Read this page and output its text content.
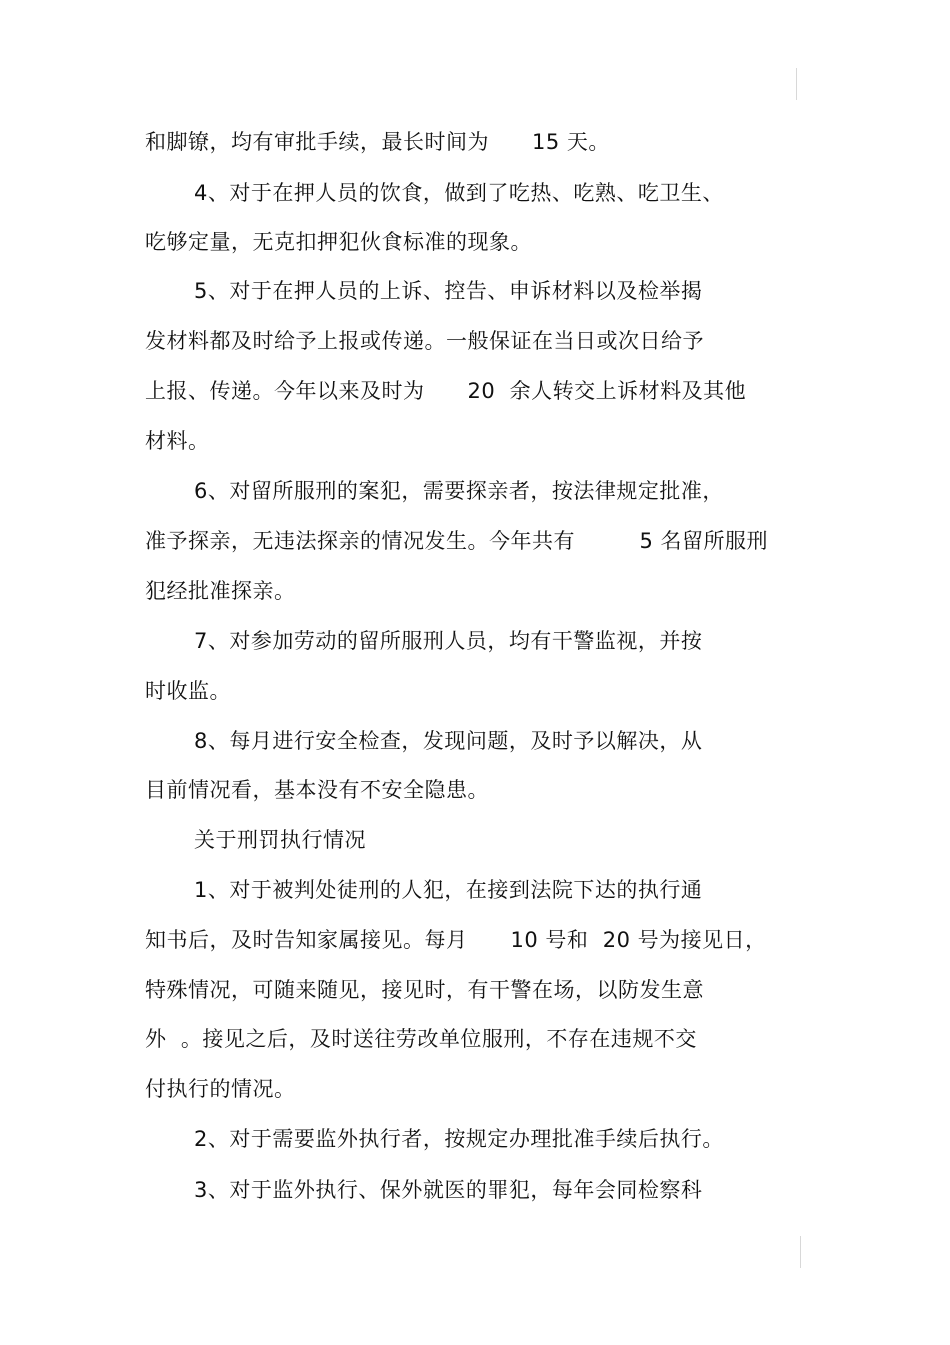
和脚镣，均有审批手续，最长时间为　　15 天。
4、对于在押人员的饮食，做到了吃热、吃熟、吃卫生、
吃够定量，无克扣押犯伙食标准的现象。
5、对于在押人员的上诉、控告、申诉材料以及检举揭
发材料都及时给予上报或传递。一般保证在当日或次日给予
上报、传递。今年以来及时为　　20  余人转交上诉材料及其他
材料。
6、对留所服刑的案犯，需要探亲者，按法律规定批准，
准予探亲，无违法探亲的情况发生。今年共有　　　5 名留所服刑
犯经批准探亲。
7、对参加劳动的留所服刑人员，均有干警监视，并按
时收监。
8、每月进行安全检查，发现问题，及时予以解决，从
目前情况看，基本没有不安全隐患。
关于刑罚执行情况
1、对于被判处徒刑的人犯，在接到法院下达的执行通
知书后，及时告知家属接见。每月　　10 号和  20 号为接见日，
特殊情况，可随来随见，接见时，有干警在场，以防发生意
外  。接见之后，及时送往劳改单位服刑，不存在违规不交
付执行的情况。
2、对于需要监外执行者，按规定办理批准手续后执行。
3、对于监外执行、保外就医的罪犯，每年会同检察科
